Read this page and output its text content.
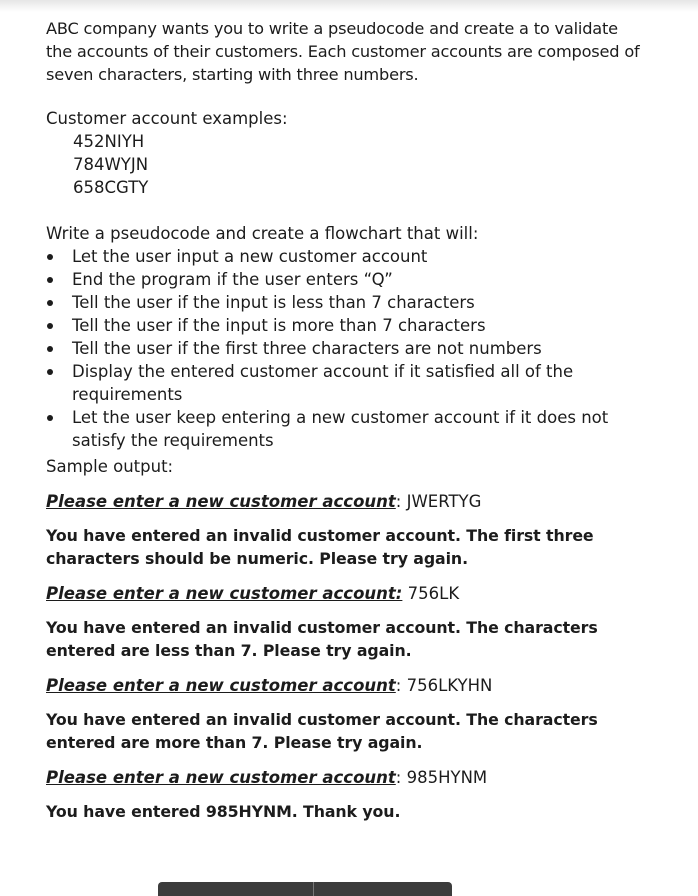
ABC company wants you to write a pseudocode and create a to validate the accounts of their customers. Each customer accounts are composed of seven characters, starting with three numbers.

Customer account examples:

452NIYH
784WYJN
658CGTY

Write a pseudocode and create a flowchart that will:

Let the user input a new customer account
End the program if the user enters “Q”
Tell the user if the input is less than 7 characters
Tell the user if the input is more than 7 characters
Tell the user if the first three characters are not numbers
Display the entered customer account if it satisfied all of the requirements
Let the user keep entering a new customer account if it does not satisfy the requirements

Sample output:

Please enter a new customer account: JWERTYG

You have entered an invalid customer account. The first three characters should be numeric. Please try again.

Please enter a new customer account: 756LK

You have entered an invalid customer account. The characters entered are less than 7. Please try again.

Please enter a new customer account: 756LKYHN

You have entered an invalid customer account. The characters entered are more than 7. Please try again.

Please enter a new customer account: 985HYNM

You have entered 985HYNM. Thank you.
